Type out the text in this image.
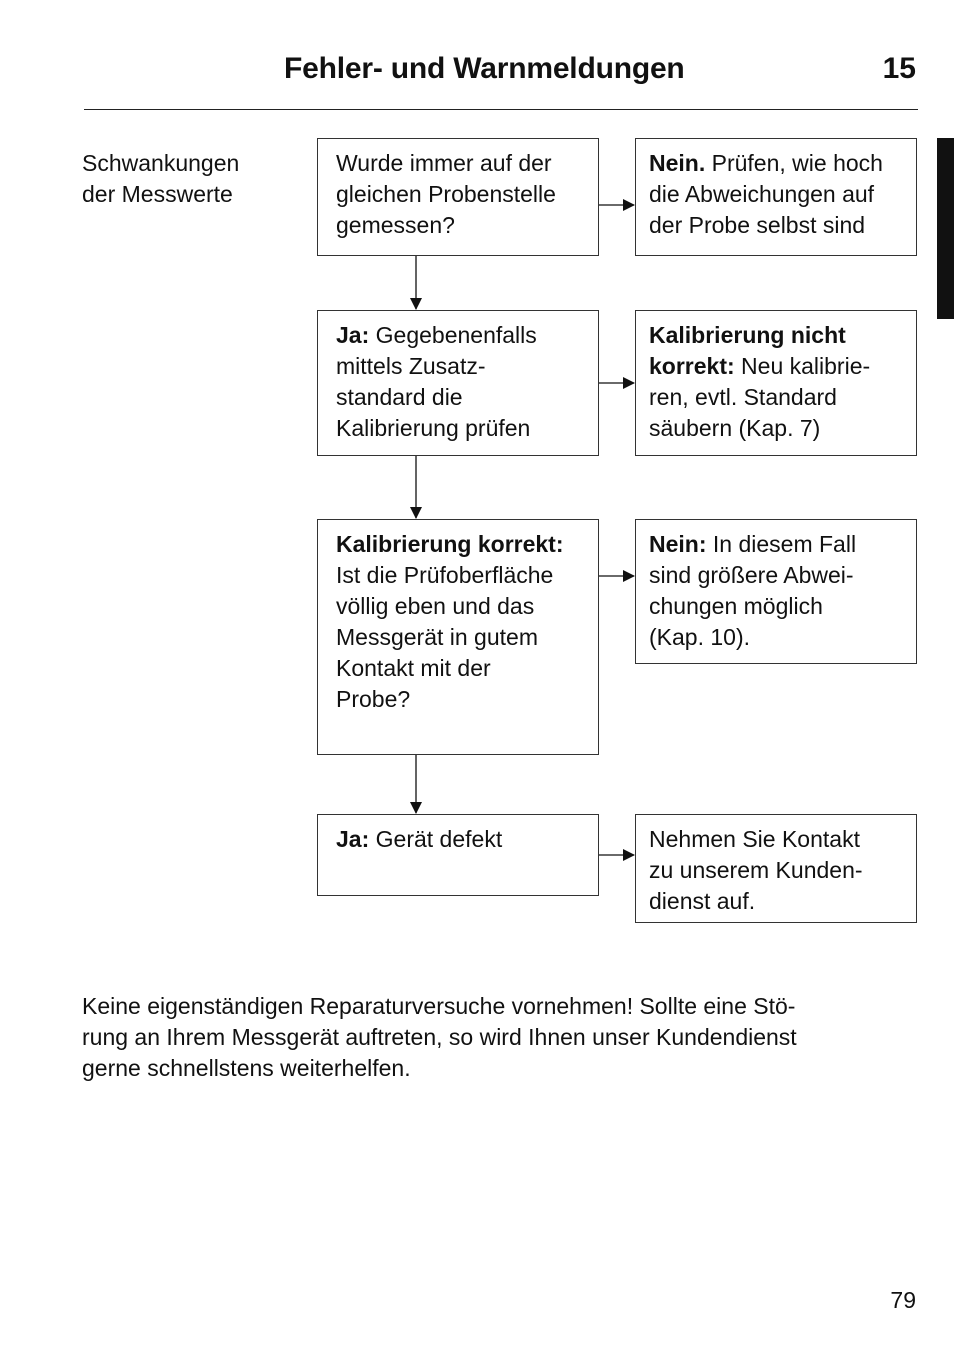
Fehler- und Warnmeldungen	15
Schwankungen
der Messwerte
Wurde immer auf der
gleichen Probenstelle
gemessen?
Ja: Gegebenenfalls
mittels Zusatz-
standard die
Kalibrierung prüfen
Kalibrierung korrekt:
Ist die Prüfoberfläche
völlig eben und das
Messgerät in gutem
Kontakt mit der
Probe?
Ja: Gerät defekt
Nein. Prüfen, wie hoch
die Abweichungen auf
der Probe selbst sind
Kalibrierung nicht
korrekt: Neu kalibrie-
ren, evtl. Standard
säubern (Kap. 7)
Nein: In diesem Fall
sind größere Abwei-
chungen möglich
(Kap. 10).
Nehmen Sie Kontakt
zu unserem Kunden-
dienst auf.
Keine eigenständigen Reparaturversuche vornehmen! Sollte eine Stö-
rung an Ihrem Messgerät auftreten, so wird Ihnen unser Kundendienst
gerne schnellstens weiterhelfen.
79
